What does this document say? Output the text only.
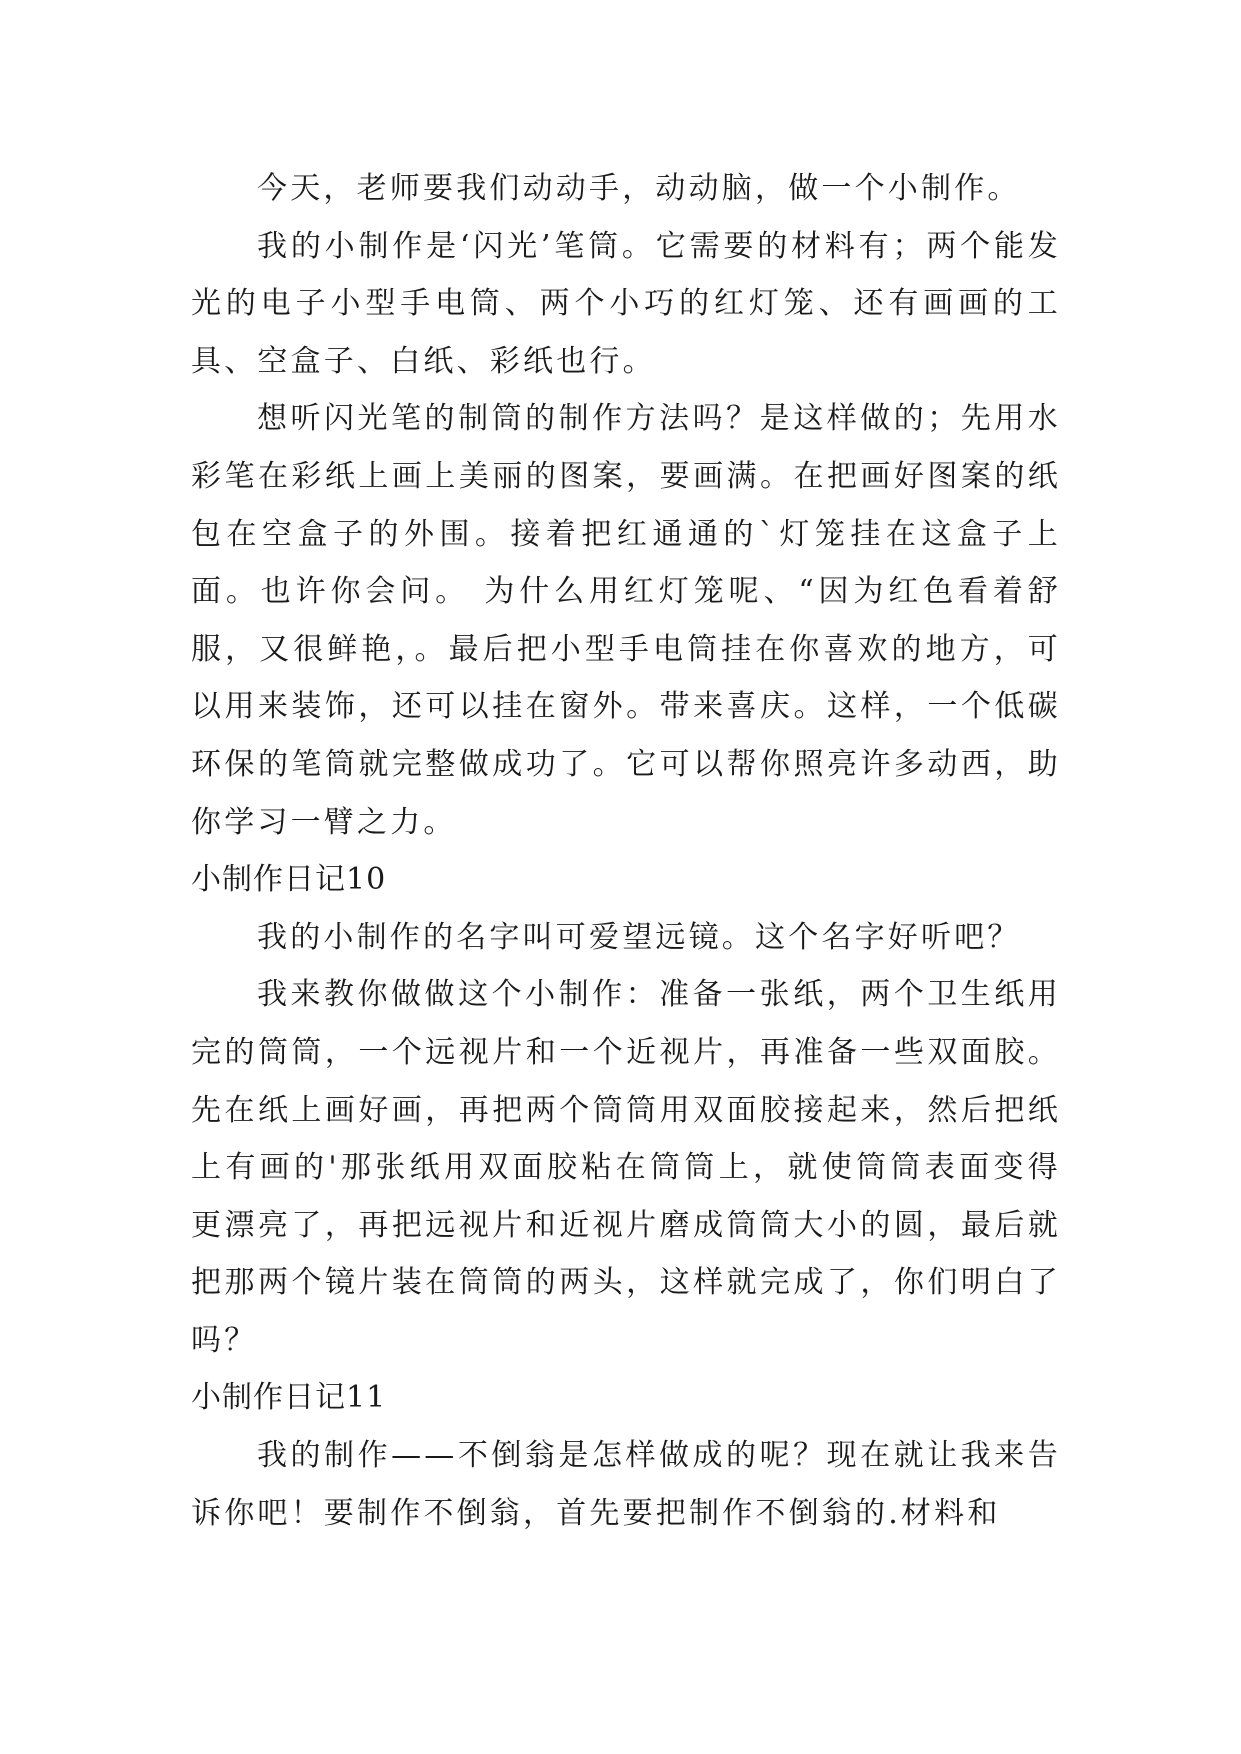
今天，老师要我们动动手，动动脑，做一个小制作。

我的小制作是‘闪光’笔筒。它需要的材料有；两个能发光的电子小型手电筒、两个小巧的红灯笼、还有画画的工具、空盒子、白纸、彩纸也行。

想听闪光笔的制筒的制作方法吗？是这样做的；先用水彩笔在彩纸上画上美丽的图案，要画满。在把画好图案的纸包在空盒子的外围。接着把红通通的`灯笼挂在这盒子上面。也许你会问。 为什么用红灯笼呢、“因为红色看着舒服，又很鲜艳，。最后把小型手电筒挂在你喜欢的地方，可以用来装饰，还可以挂在窗外。带来喜庆。这样，一个低碳环保的笔筒就完整做成功了。它可以帮你照亮许多动西，助你学习一臂之力。

小制作日记10

我的小制作的名字叫可爱望远镜。这个名字好听吧？

我来教你做做这个小制作：准备一张纸，两个卫生纸用完的筒筒，一个远视片和一个近视片，再准备一些双面胶。先在纸上画好画，再把两个筒筒用双面胶接起来，然后把纸上有画的'那张纸用双面胶粘在筒筒上，就使筒筒表面变得更漂亮了，再把远视片和近视片磨成筒筒大小的圆，最后就把那两个镜片装在筒筒的两头，这样就完成了，你们明白了吗？

小制作日记11

我的制作——不倒翁是怎样做成的呢？现在就让我来告诉你吧！要制作不倒翁，首先要把制作不倒翁的.材料和
